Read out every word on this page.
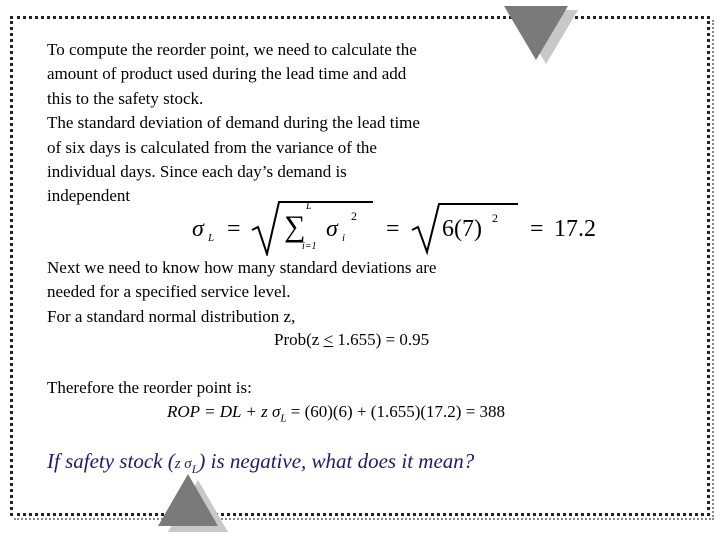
To compute the reorder point, we need to calculate the
amount of product used during the lead time and add
this to the safety stock.
The standard deviation of demand during the lead time
of six days is calculated from the variance of the
individual days. Since each day’s demand is
independent
σ L =
L
∑
i=1
σ i
2 = 6(7) 2 = 17.2
Next we need to know how many standard deviations are
needed for a specified service level.
For a standard normal distribution z,
Prob(z ≤ 1.655) = 0.95
Therefore the reorder point is:
ROP = DL + z $\sigma_L = (60)(6) + (1.655)(17.2) = 388$
If safety stock (z $\sigma_L$) is negative, what does it mean?
